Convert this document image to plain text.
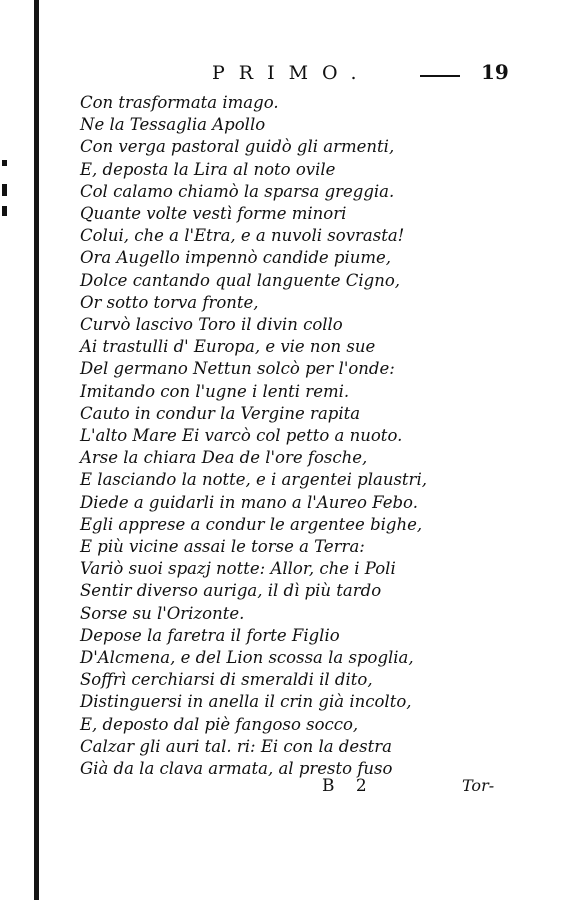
PRIMO.	19
Con trasformata imago.
Ne la Tessaglia Apollo
Con verga pastoral guidò gli armenti,
E, deposta la Lira al noto ovile
Col calamo chiamò la sparsa greggia.
Quante volte vestì forme minori
Colui, che a l'Etra, e a nuvoli sovrasta!
Ora Augello impennò candide piume,
Dolce cantando qual languente Cigno,
Or sotto torva fronte,
Curvò lascivo Toro il divin collo
Ai trastulli d' Europa, e vie non sue
Del germano Nettun solcò per l'onde:
Imitando con l'ugne i lenti remi.
Cauto in condur la Vergine rapita
L'alto Mare Ei varcò col petto a nuoto.
Arse la chiara Dea de l'ore fosche,
E lasciando la notte, e i argentei plaustri,
Diede a guidarli in mano a l'Aureo Febo.
Egli apprese a condur le argentee bighe,
E più vicine assai le torse a Terra:
Variò suoi spazj notte: Allor, che i Poli
Sentir diverso auriga, il dì più tardo
Sorse su l'Orizonte.
Depose la faretra il forte Figlio
D'Alcmena, e del Lion scossa la spoglia,
Soffrì cerchiarsi di smeraldi il dito,
Distinguersi in anella il crin già incolto,
E, deposto dal piè fangoso socco,
Calzar gli auri tal. ri: Ei con la destra
Già da la clava armata, al presto fuso
B 2	Tor-
